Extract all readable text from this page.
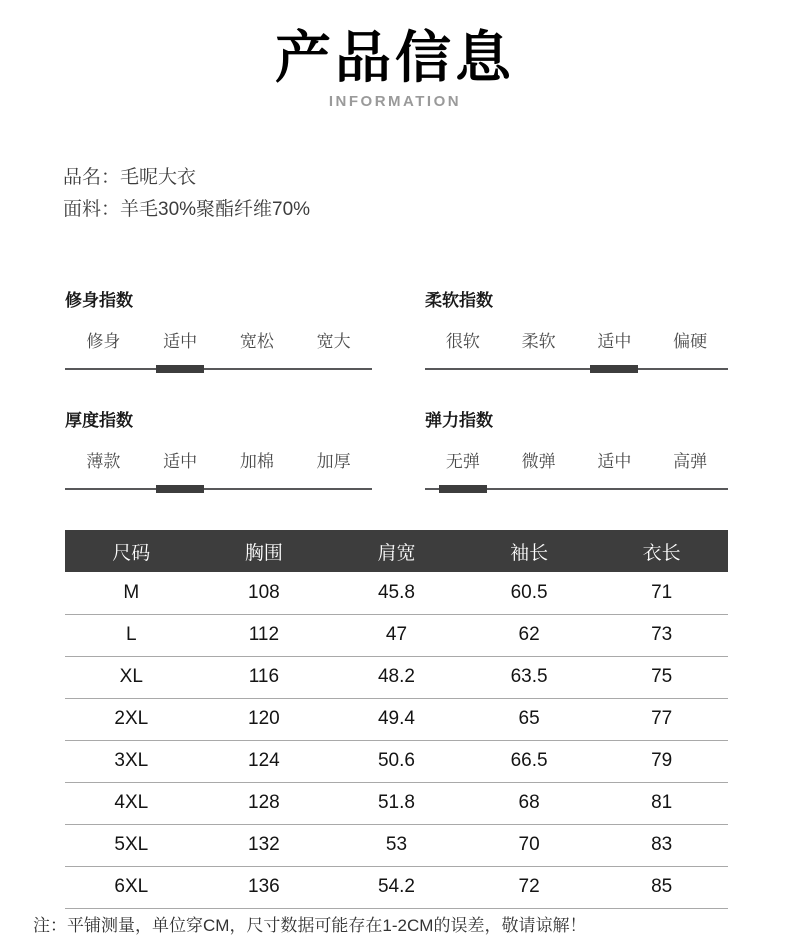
产品信息
INFORMATION
品名：毛呢大衣
面料：羊毛30%聚酯纤维70%
修身指数
修身	适中	宽松	宽大
柔软指数
很软	柔软	适中	偏硬
厚度指数
薄款	适中	加棉	加厚
弹力指数
无弹	微弹	适中	高弹
尺码	胸围	肩宽	袖长	衣长
M	108	45.8	60.5	71
L	112	47	62	73
XL	116	48.2	63.5	75
2XL	120	49.4	65	77
3XL	124	50.6	66.5	79
4XL	128	51.8	68	81
5XL	132	53	70	83
6XL	136	54.2	72	85
注：平铺测量，单位穿CM，尺寸数据可能存在1-2CM的误差，敬请谅解！
